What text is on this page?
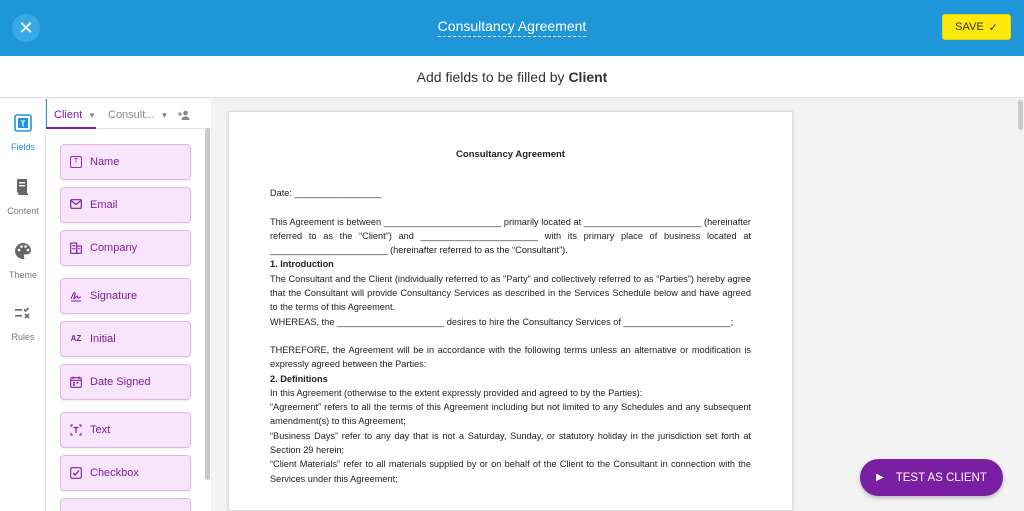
✕	Consultancy Agreement	SAVE ✓
Add fields to be filled by Client
T
Fields
Content
Theme
Rules
Client ▼ Consult... ▼
T	Name
Email
Company
Signature
AZ Initial
Date Signed
Text
Checkbox

Consultancy Agreement

Date: _________________

This Agreement is between _______________________ primarily located at _______________________ (hereinafter referred to as the “Client”) and _______________________ with its primary place of business located at _______________________ (hereinafter referred to as the “Consultant”).

1. Introduction

The Consultant and the Client (individually referred to as “Party” and collectively referred to as “Parties”) hereby agree that the Consultant will provide Consultancy Services as described in the Services Schedule below and have agreed to the terms of this Agreement.

WHEREAS, the _____________________ desires to hire the Consultancy Services of _____________________;

THEREFORE, the Agreement will be in accordance with the following terms unless an alternative or modification is expressly agreed between the Parties:

2. Definitions

In this Agreement (otherwise to the extent expressly provided and agreed to by the Parties):

“Agreement” refers to all the terms of this Agreement including but not limited to any Schedules and any subsequent amendment(s) to this Agreement;

“Business Days” refer to any day that is not a Saturday, Sunday, or statutory holiday in the jurisdiction set forth at Section 29 herein;

“Client Materials” refer to all materials supplied by or on behalf of the Client to the Consultant in connection with the Services under this Agreement;	▶ TEST AS CLIENT
